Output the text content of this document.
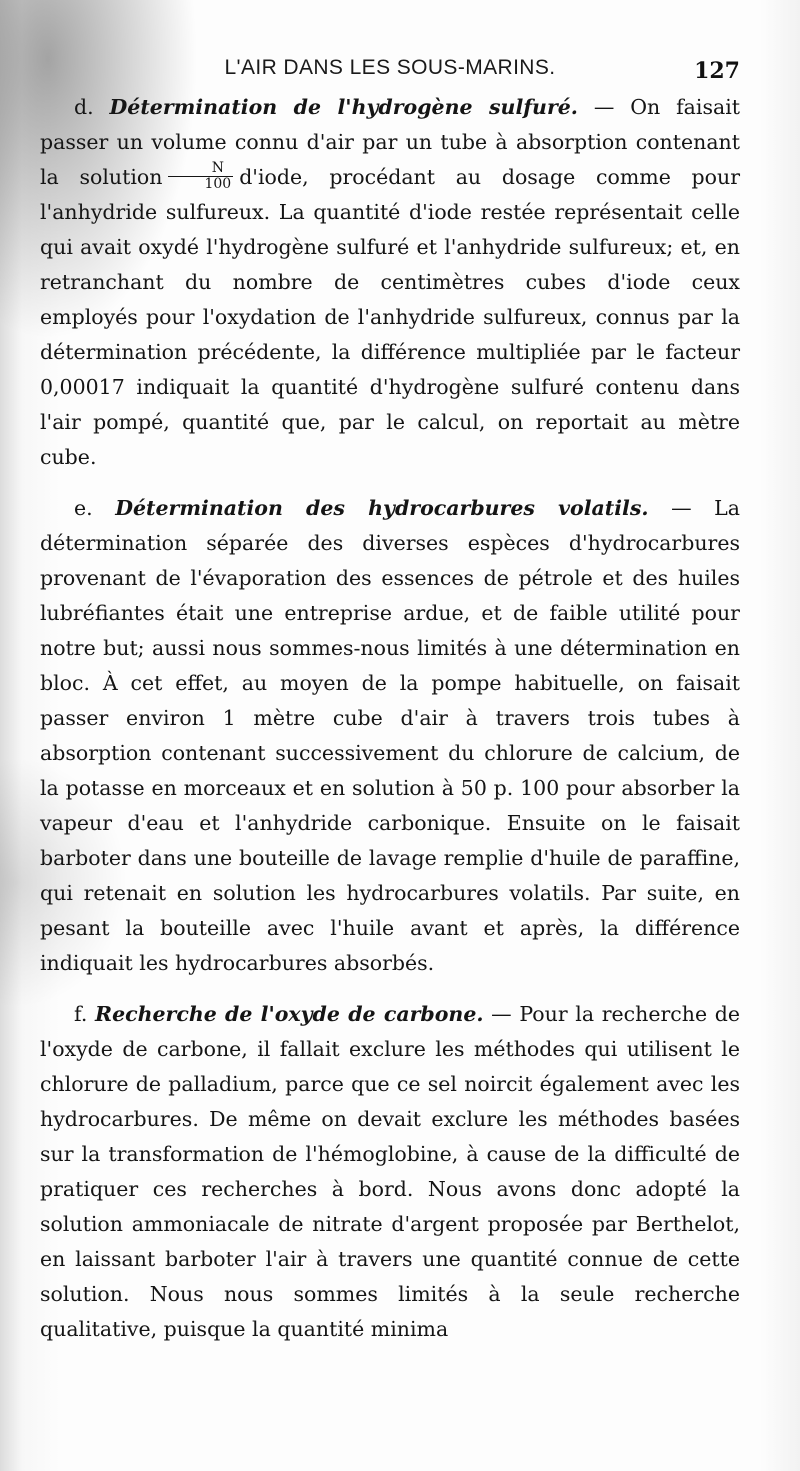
L'AIR DANS LES SOUS-MARINS.	127

d. Détermination de l'hydrogène sulfuré. — On faisait passer un volume connu d'air par un tube à absorption contenant la solution $\frac{N}{100}$ d'iode, procédant au dosage comme pour l'anhydride sulfureux. La quantité d'iode restée représentait celle qui avait oxydé l'hydrogène sulfuré et l'anhydride sulfureux; et, en retranchant du nombre de centimètres cubes d'iode ceux employés pour l'oxydation de l'anhydride sulfureux, connus par la détermination précédente, la différence multipliée par le facteur 0,00017 indiquait la quantité d'hydrogène sulfuré contenu dans l'air pompé, quantité que, par le calcul, on reportait au mètre cube.

e. Détermination des hydrocarbures volatils. — La détermination séparée des diverses espèces d'hydrocarbures provenant de l'évaporation des essences de pétrole et des huiles lubréfiantes était une entreprise ardue, et de faible utilité pour notre but; aussi nous sommes-nous limités à une détermination en bloc. À cet effet, au moyen de la pompe habituelle, on faisait passer environ 1 mètre cube d'air à travers trois tubes à absorption contenant successivement du chlorure de calcium, de la potasse en morceaux et en solution à 50 p. 100 pour absorber la vapeur d'eau et l'anhydride carbonique. Ensuite on le faisait barboter dans une bouteille de lavage remplie d'huile de paraffine, qui retenait en solution les hydrocarbures volatils. Par suite, en pesant la bouteille avec l'huile avant et après, la différence indiquait les hydrocarbures absorbés.

f. Recherche de l'oxyde de carbone. — Pour la recherche de l'oxyde de carbone, il fallait exclure les méthodes qui utilisent le chlorure de palladium, parce que ce sel noircit également avec les hydrocarbures. De même on devait exclure les méthodes basées sur la transformation de l'hémoglobine, à cause de la difficulté de pratiquer ces recherches à bord. Nous avons donc adopté la solution ammoniacale de nitrate d'argent proposée par Berthelot, en laissant barboter l'air à travers une quantité connue de cette solution. Nous nous sommes limités à la seule recherche qualitative, puisque la quantité minima
